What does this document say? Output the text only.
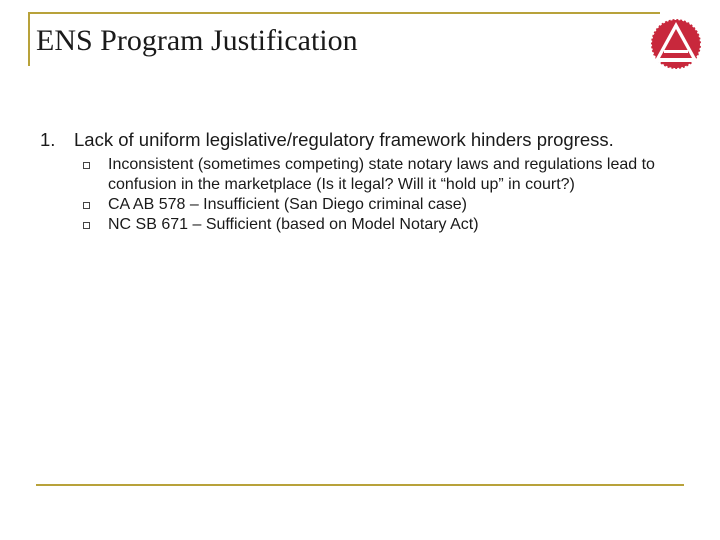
ENS Program Justification
1.	Lack of uniform legislative/regulatory framework hinders progress.
Inconsistent (sometimes competing) state notary laws and regulations lead to confusion in the marketplace (Is it legal? Will it “hold up” in court?)
CA AB 578 – Insufficient (San Diego criminal case)
NC SB 671 – Sufficient (based on Model Notary Act)
